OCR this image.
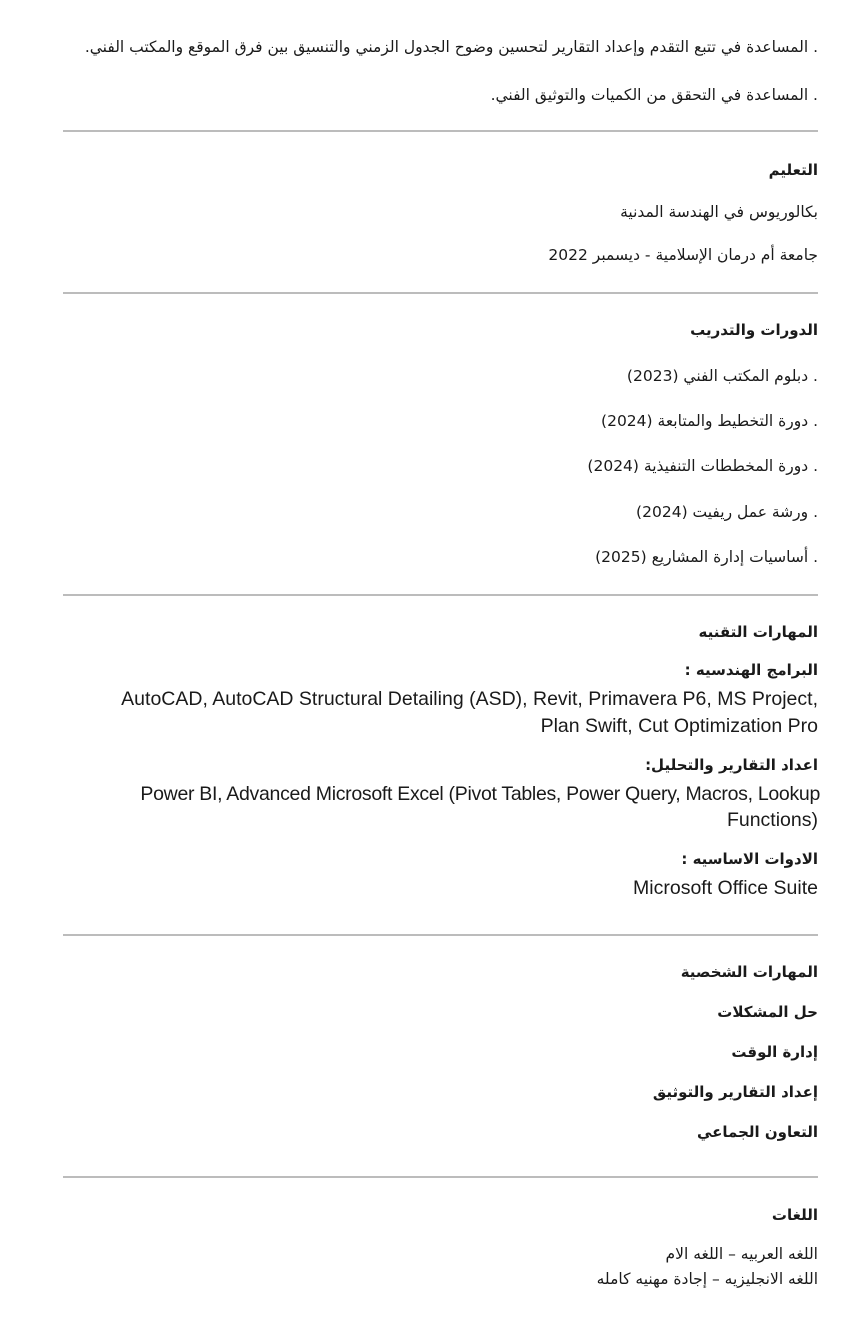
. المساعدة في تتبع التقدم وإعداد التقارير لتحسين وضوح الجدول الزمني والتنسيق بين فرق الموقع والمكتب الفني.
. المساعدة في التحقق من الكميات والتوثيق الفني.
التعليم
بكالوريوس في الهندسة المدنية
جامعة أم درمان الإسلامية - ديسمبر 2022
الدورات والتدريب
. دبلوم المكتب الفني (2023)
. دورة التخطيط والمتابعة (2024)
. دورة المخططات التنفيذية (2024)
. ورشة عمل ريفيت (2024)
. أساسيات إدارة المشاريع (2025)
المهارات التقنيه
البرامج الهندسيه :
AutoCAD, AutoCAD Structural Detailing (ASD), Revit, Primavera P6, MS Project,
Plan Swift, Cut Optimization Pro
اعداد التقارير والتحليل:
Power BI, Advanced Microsoft Excel (Pivot Tables, Power Query, Macros, Lookup
Functions)
الادوات الاساسيه :
Microsoft Office Suite
المهارات الشخصية
حل المشكلات
إدارة الوقت
إعداد التقارير والتوثيق
التعاون الجماعي
اللغات
اللغه العربيه – اللغه الام
اللغه الانجليزيه – إجادة مهنيه كامله
